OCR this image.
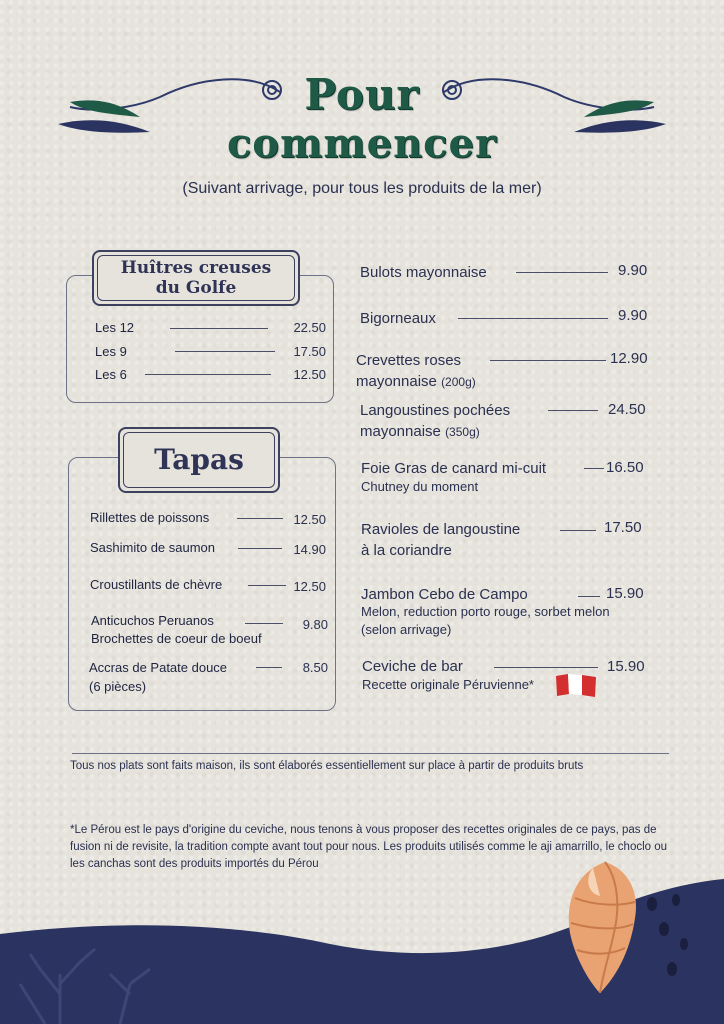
Pour
commencer
(Suivant arrivage, pour tous les produits de la mer)
Huîtres creuses
du Golfe
Les 12	22.50
Les 9	17.50
Les 6	12.50
Tapas
Rillettes de poissons	12.50
Sashimito de saumon	14.90
Croustillants de chèvre	12.50
Anticuchos Peruanos	9.80
Brochettes de coeur de boeuf
Accras de Patate douce	8.50
(6 pièces)
Bulots mayonnaise	9.90
Bigorneaux	9.90
Crevettes roses	12.90
mayonnaise (200g)
Langoustines pochées	24.50
mayonnaise (350g)
Foie Gras de canard mi-cuit	16.50
Chutney du moment
Ravioles de langoustine	17.50
à la coriandre
Jambon Cebo de Campo	15.90
Melon, reduction porto rouge, sorbet melon
(selon arrivage)
Ceviche de bar	15.90
Recette originale Péruvienne*
Tous nos plats sont faits maison, ils sont élaborés essentiellement sur place à partir de produits bruts
*Le Pérou est le pays d'origine du ceviche, nous tenons à vous proposer des recettes originales de ce pays, pas de fusion ni de revisite, la tradition compte avant tout pour nous. Les produits utilisés comme le aji amarrillo, le choclo ou les canchas sont des produits importés du Pérou
